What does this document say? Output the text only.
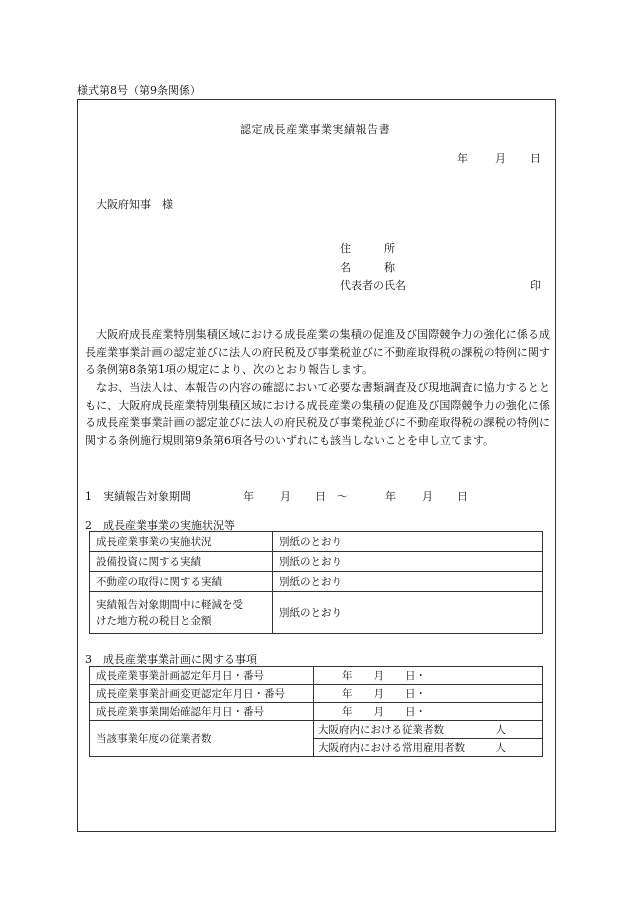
様式第8号（第9条関係）
認定成長産業事業実績報告書
年 月 日
大阪府知事　様
住　　　所
名　　　称
代表者の氏名	印
大阪府成長産業特別集積区域における成長産業の集積の促進及び国際競争力の強化に係る成長産業事業計画の認定並びに法人の府民税及び事業税並びに不動産取得税の課税の特例に関する条例第8条第1項の規定により、次のとおり報告します。
なお、当法人は、本報告の内容の確認において必要な書類調査及び現地調査に協力するとともに、大阪府成長産業特別集積区域における成長産業の集積の促進及び国際競争力の強化に係る成長産業事業計画の認定並びに法人の府民税及び事業税並びに不動産取得税の課税の特例に関する条例施行規則第9条第6項各号のいずれにも該当しないことを申し立てます。
1　実績報告対象期間	年 月 日 ～	年 月 日
2　成長産業事業の実施状況等
成長産業事業の実施状況	別紙のとおり
設備投資に関する実績	別紙のとおり
不動産の取得に関する実績	別紙のとおり

実績報告対象期間中に軽減を受
けた地方税の税目と金額	別紙のとおり
3　成長産業事業計画に関する事項
成長産業事業計画認定年月日・番号	年　　月　　日・
成長産業事業計画変更認定年月日・番号	年　　月　　日・
成長産業事業開始確認年月日・番号	年　　月　　日・
当該事業年度の従業者数	大阪府内における従業者数 人

	大阪府内における常用雇用者数 人
